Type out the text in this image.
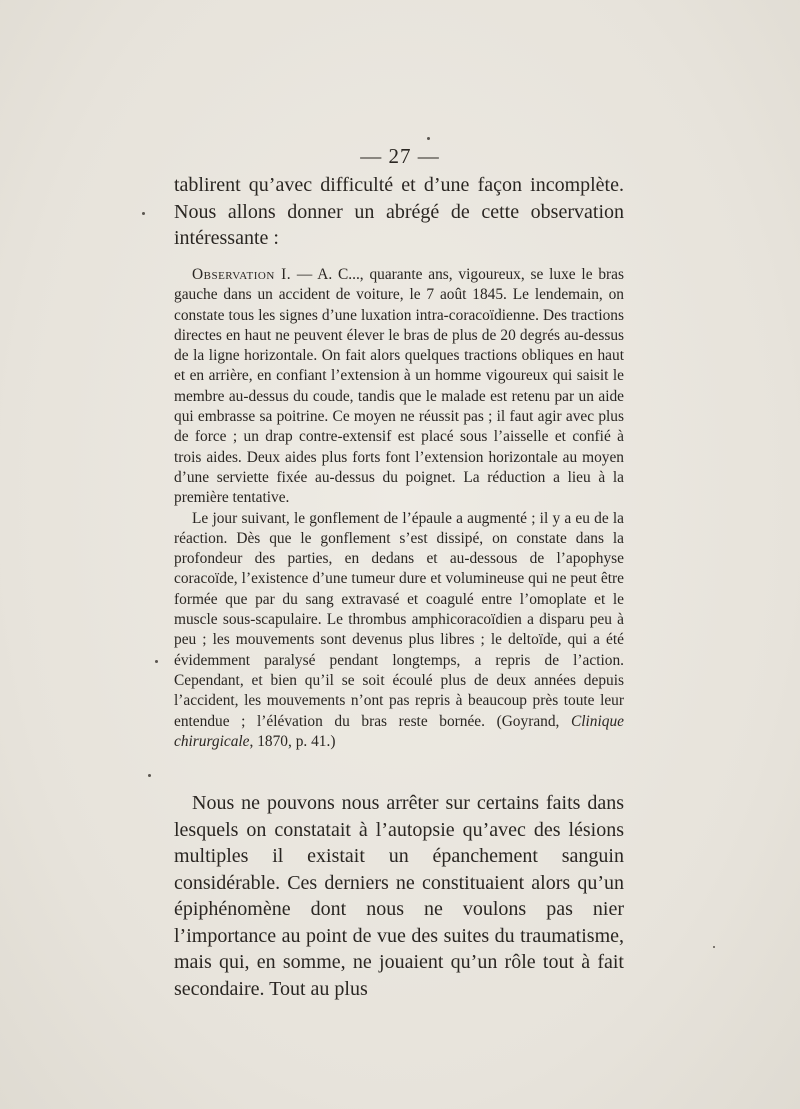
— 27 —

tablirent qu’avec difficulté et d’une façon incomplète. Nous allons donner un abrégé de cette observation intéressante :

Observation I. — A. C..., quarante ans, vigoureux, se luxe le bras gauche dans un accident de voiture, le 7 août 1845. Le lendemain, on constate tous les signes d’une luxation intra-coracoïdienne. Des tractions directes en haut ne peuvent élever le bras de plus de 20 degrés au-dessus de la ligne horizontale. On fait alors quelques tractions obliques en haut et en arrière, en confiant l’extension à un homme vigoureux qui saisit le membre au-dessus du coude, tandis que le malade est retenu par un aide qui embrasse sa poitrine. Ce moyen ne réussit pas ; il faut agir avec plus de force ; un drap contre-extensif est placé sous l’aisselle et confié à trois aides. Deux aides plus forts font l’extension horizontale au moyen d’une serviette fixée au-dessus du poignet. La réduction a lieu à la première tentative.

Le jour suivant, le gonflement de l’épaule a augmenté ; il y a eu de la réaction. Dès que le gonflement s’est dissipé, on constate dans la profondeur des parties, en dedans et au-dessous de l’apophyse coracoïde, l’existence d’une tumeur dure et volumineuse qui ne peut être formée que par du sang extravasé et coagulé entre l’omoplate et le muscle sous-scapulaire. Le thrombus amphicoracoïdien a disparu peu à peu ; les mouvements sont devenus plus libres ; le deltoïde, qui a été évidemment paralysé pendant longtemps, a repris de l’action. Cependant, et bien qu’il se soit écoulé plus de deux années depuis l’accident, les mouvements n’ont pas repris à beaucoup près toute leur entendue ; l’élévation du bras reste bornée. (Goyrand, Clinique chirurgicale, 1870, p. 41.)

Nous ne pouvons nous arrêter sur certains faits dans lesquels on constatait à l’autopsie qu’avec des lésions multiples il existait un épanchement sanguin considérable. Ces derniers ne constituaient alors qu’un épiphénomène dont nous ne voulons pas nier l’importance au point de vue des suites du traumatisme, mais qui, en somme, ne jouaient qu’un rôle tout à fait secondaire. Tout au plus
